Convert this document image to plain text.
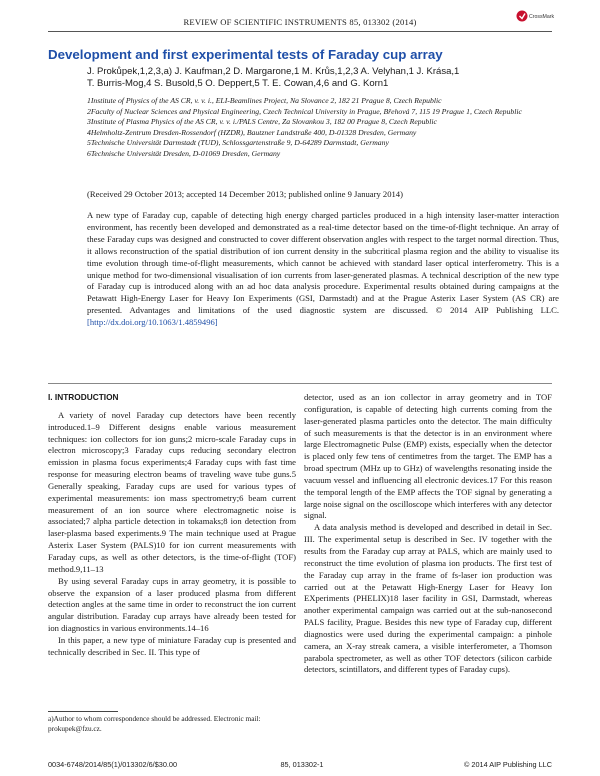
REVIEW OF SCIENTIFIC INSTRUMENTS 85, 013302 (2014)	CrossMark
Development and first experimental tests of Faraday cup array
J. Prokůpek,1,2,3,a) J. Kaufman,2 D. Margarone,1 M. Krůs,1,2,3 A. Velyhan,1 J. Krása,1
T. Burris-Mog,4 S. Busold,5 O. Deppert,5 T. E. Cowan,4,6 and G. Korn1

1Institute of Physics of the AS CR, v. v. i., ELI-Beamlines Project, Na Slovance 2, 182 21 Prague 8, Czech Republic

2Faculty of Nuclear Sciences and Physical Engineering, Czech Technical University in Prague, Břehová 7, 115 19 Prague 1, Czech Republic

3Institute of Plasma Physics of the AS CR, v. v. i./PALS Centre, Za Slovankou 3, 182 00 Prague 8, Czech Republic

4Helmholtz-Zentrum Dresden-Rossendorf (HZDR), Bautzner Landstraße 400, D-01328 Dresden, Germany

5Technische Universität Darmstadt (TUD), Schlossgartenstraße 9, D-64289 Darmstadt, Germany

6Technische Universität Dresden, D-01069 Dresden, Germany

(Received 29 October 2013; accepted 14 December 2013; published online 9 January 2014)
A new type of Faraday cup, capable of detecting high energy charged particles produced in a high intensity laser-matter interaction environment, has recently been developed and demonstrated as a real-time detector based on the time-of-flight technique. An array of these Faraday cups was designed and constructed to cover different observation angles with respect to the target normal direction. Thus, it allows reconstruction of the spatial distribution of ion current density in the subcritical plasma region and the ability to visualise its time evolution through time-of-flight measurements, which cannot be achieved with standard laser optical interferometry. This is a unique method for two-dimensional visualisation of ion currents from laser-generated plasmas. A technical description of the new type of Faraday cup is introduced along with an ad hoc data analysis procedure. Experimental results obtained during campaigns at the Petawatt High-Energy Laser for Heavy Ion Experiments (GSI, Darmstadt) and at the Prague Asterix Laser System (AS CR) are presented. Advantages and limitations of the used diagnostic system are discussed. © 2014 AIP Publishing LLC. [http://dx.doi.org/10.1063/1.4859496]
I. INTRODUCTION

A variety of novel Faraday cup detectors have been recently introduced.1–9 Different designs enable various measurement techniques: ion collectors for ion guns;2 micro-scale Faraday cups in electron microscopy;3 Faraday cups reducing secondary electron emission in plasma focus experiments;4 Faraday cups with fast time response for measuring electron beams of traveling wave tube guns.5 Generally speaking, Faraday cups are used for various types of experimental measurements: ion mass spectrometry;6 beam current measurement of an ion source where electromagnetic noise is associated;7 alpha particle detection in tokamaks;8 ion detection from laser-plasma based experiments.9 The main technique used at Prague Asterix Laser System (PALS)10 for ion current measurements with Faraday cups, as well as other detectors, is the time-of-flight (TOF) method.9,11–13

By using several Faraday cups in array geometry, it is possible to observe the expansion of a laser produced plasma from different detection angles at the same time in order to reconstruct the ion current angular distribution. Faraday cup arrays have already been tested for ion diagnostics in various environments.14–16

In this paper, a new type of miniature Faraday cup is presented and technically described in Sec. II. This type of

detector, used as an ion collector in array geometry and in TOF configuration, is capable of detecting high currents coming from the laser-generated plasma particles onto the detector. The main difficulty of such measurements is that the detector is in an environment where large Electromagnetic Pulse (EMP) exists, especially when the detector is placed only few tens of centimetres from the target. The EMP has a broad spectrum (MHz up to GHz) of wavelengths resonating inside the vacuum vessel and influencing all electronic devices.17 For this reason the temporal length of the EMP affects the TOF signal by generating a large noise signal on the oscilloscope which interferes with any detector signal.

A data analysis method is developed and described in detail in Sec. III. The experimental setup is described in Sec. IV together with the results from the Faraday cup array at PALS, which are mainly used to reconstruct the time evolution of plasma ion products. The first test of the Faraday cup array in the frame of fs-laser ion production was carried out at the Petawatt High-Energy Laser for Heavy Ion EXperiments (PHELIX)18 laser facility in GSI, Darmstadt, whereas another experimental campaign was carried out at the sub-nanosecond PALS facility, Prague. Besides this new type of Faraday cup, different diagnostics were used during the experimental campaign: a pinhole camera, an X-ray streak camera, a visible interferometer, a Thomson parabola spectrometer, as well as other TOF detectors (silicon carbide detectors, scintillators, and different types of Faraday cups).

a)Author to whom correspondence should be addressed. Electronic mail: prokupek@fzu.cz.
0034-6748/2014/85(1)/013302/6/$30.00	85, 013302-1	© 2014 AIP Publishing LLC
